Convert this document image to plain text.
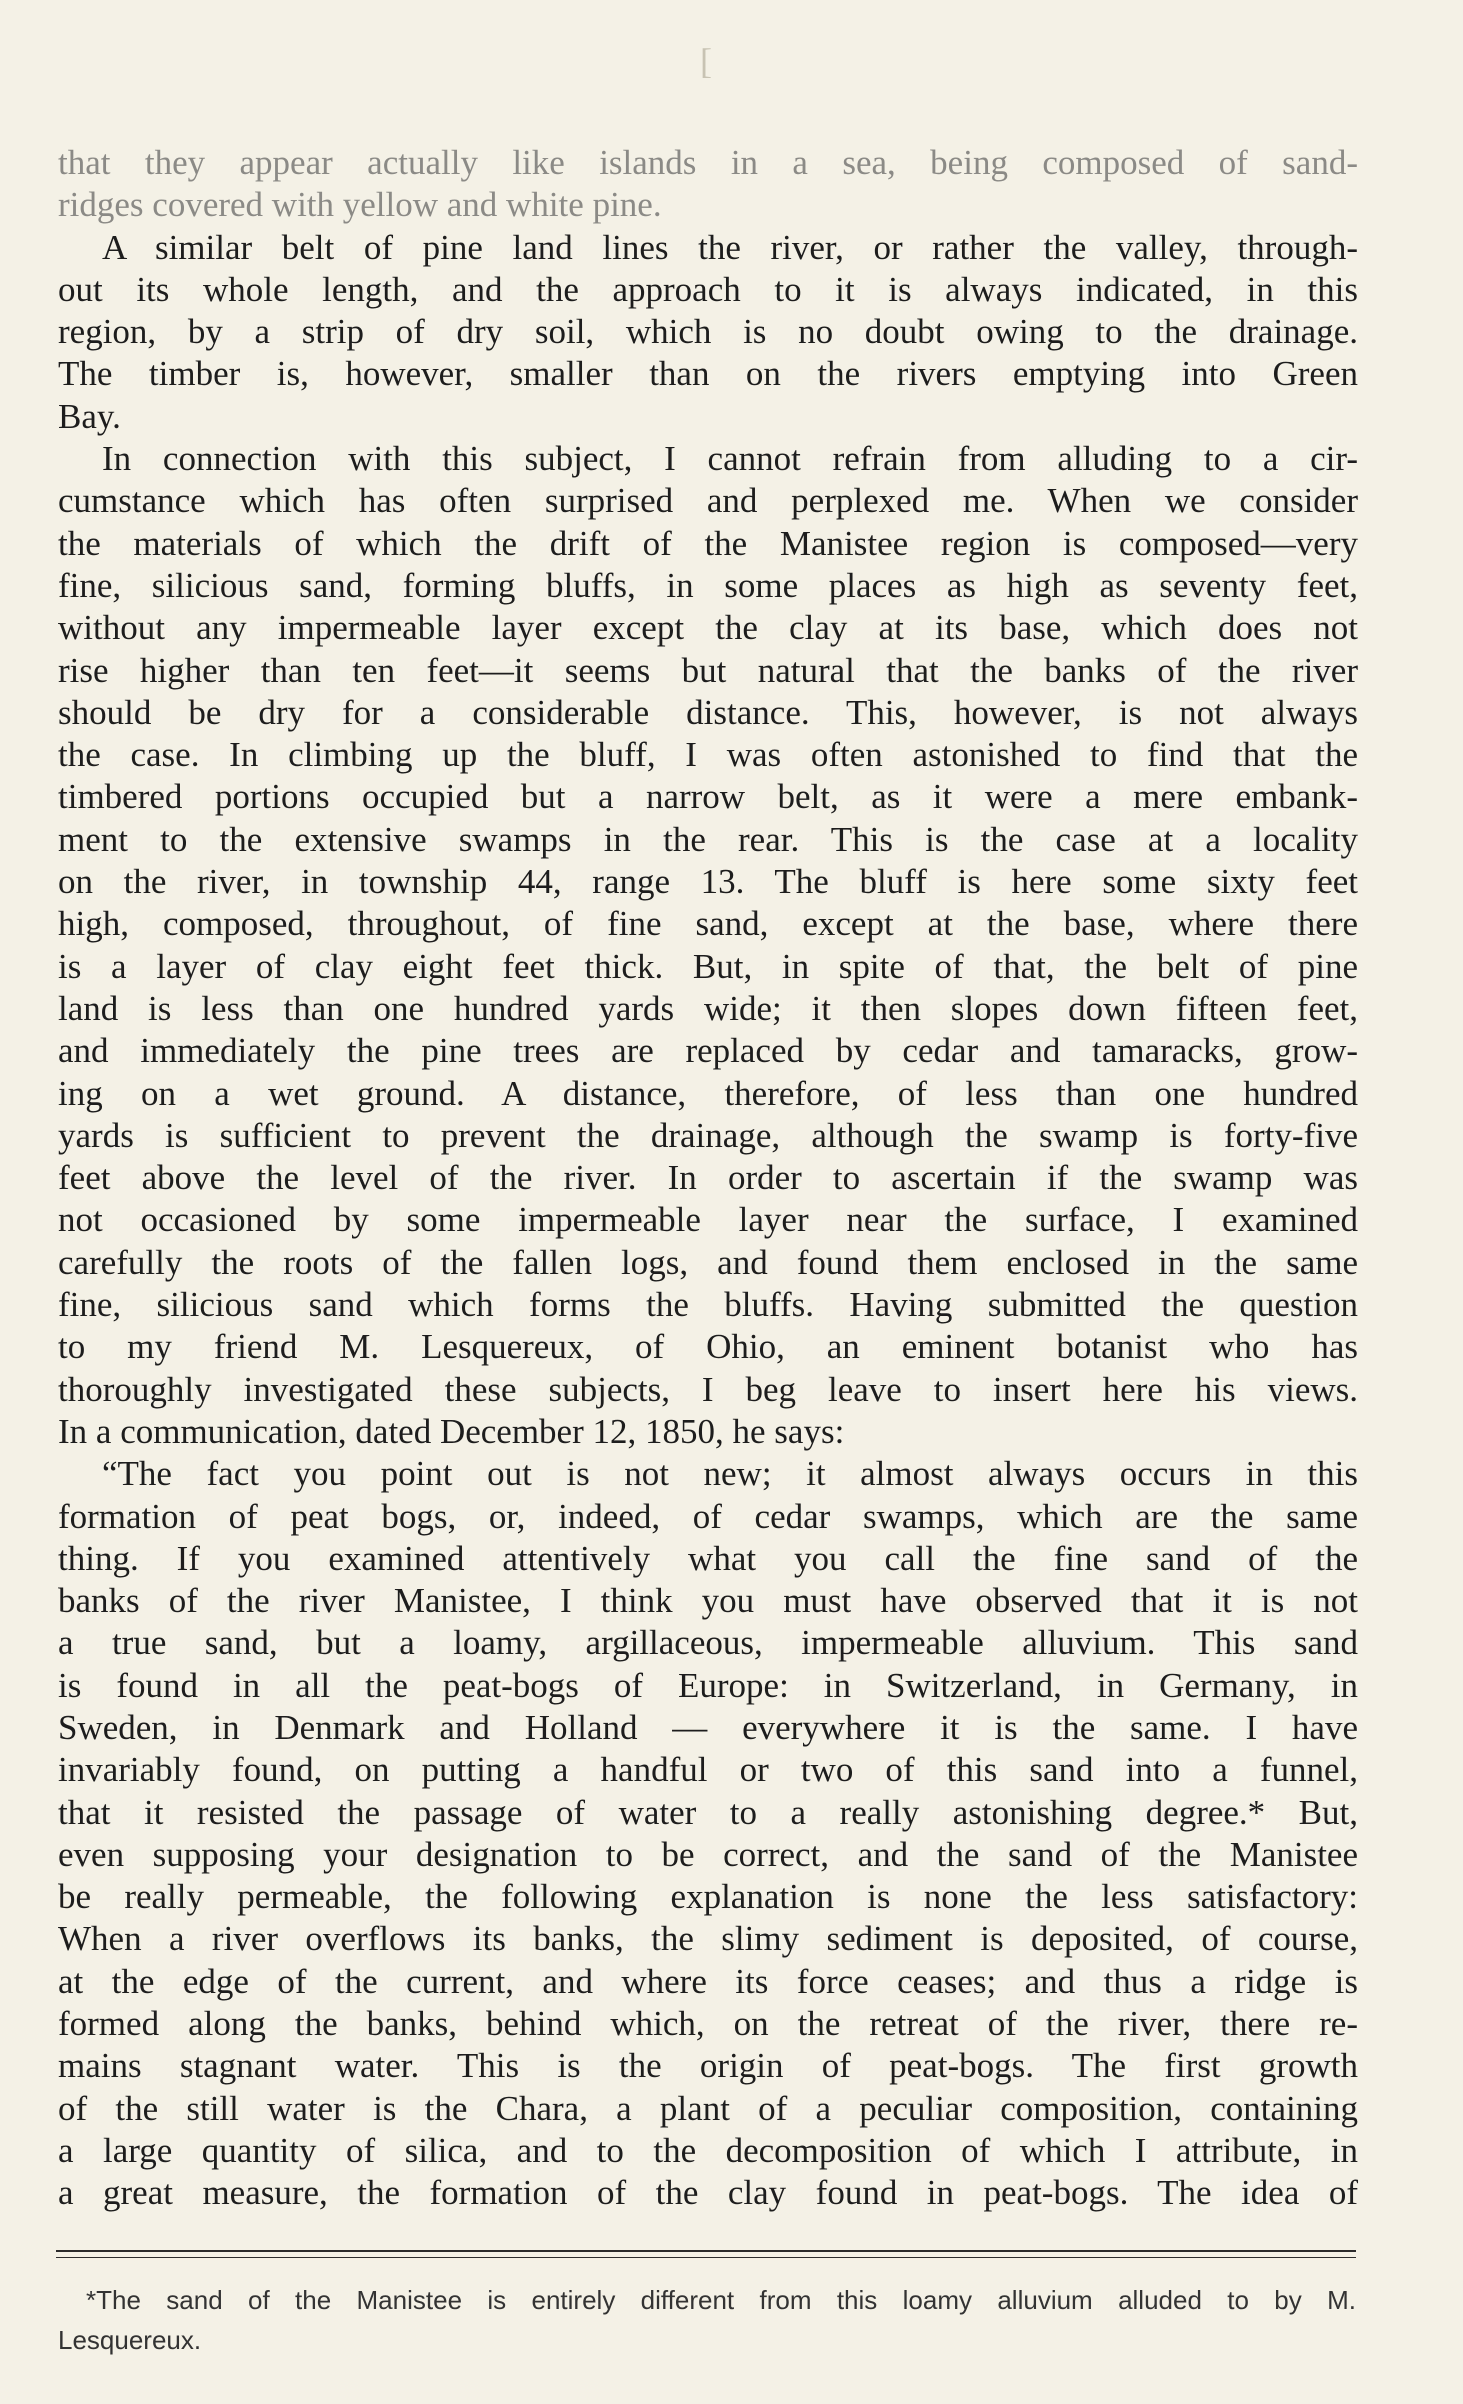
[
that they appear actually like islands in a sea, being composed of sand-
ridges covered with yellow and white pine.
A similar belt of pine land lines the river, or rather the valley, through-
out its whole length, and the approach to it is always indicated, in this
region, by a strip of dry soil, which is no doubt owing to the drainage.
The timber is, however, smaller than on the rivers emptying into Green
Bay.
In connection with this subject, I cannot refrain from alluding to a cir-
cumstance which has often surprised and perplexed me. When we consider
the materials of which the drift of the Manistee region is composed—very
fine, silicious sand, forming bluffs, in some places as high as seventy feet,
without any impermeable layer except the clay at its base, which does not
rise higher than ten feet—it seems but natural that the banks of the river
should be dry for a considerable distance. This, however, is not always
the case. In climbing up the bluff, I was often astonished to find that the
timbered portions occupied but a narrow belt, as it were a mere embank-
ment to the extensive swamps in the rear. This is the case at a locality
on the river, in township 44, range 13. The bluff is here some sixty feet
high, composed, throughout, of fine sand, except at the base, where there
is a layer of clay eight feet thick. But, in spite of that, the belt of pine
land is less than one hundred yards wide; it then slopes down fifteen feet,
and immediately the pine trees are replaced by cedar and tamaracks, grow-
ing on a wet ground. A distance, therefore, of less than one hundred
yards is sufficient to prevent the drainage, although the swamp is forty-five
feet above the level of the river. In order to ascertain if the swamp was
not occasioned by some impermeable layer near the surface, I examined
carefully the roots of the fallen logs, and found them enclosed in the same
fine, silicious sand which forms the bluffs. Having submitted the question
to my friend M. Lesquereux, of Ohio, an eminent botanist who has
thoroughly investigated these subjects, I beg leave to insert here his views.
In a communication, dated December 12, 1850, he says:
“The fact you point out is not new; it almost always occurs in this
formation of peat bogs, or, indeed, of cedar swamps, which are the same
thing. If you examined attentively what you call the fine sand of the
banks of the river Manistee, I think you must have observed that it is not
a true sand, but a loamy, argillaceous, impermeable alluvium. This sand
is found in all the peat-bogs of Europe: in Switzerland, in Germany, in
Sweden, in Denmark and Holland — everywhere it is the same. I have
invariably found, on putting a handful or two of this sand into a funnel,
that it resisted the passage of water to a really astonishing degree.* But,
even supposing your designation to be correct, and the sand of the Manistee
be really permeable, the following explanation is none the less satisfactory:
When a river overflows its banks, the slimy sediment is deposited, of course,
at the edge of the current, and where its force ceases; and thus a ridge is
formed along the banks, behind which, on the retreat of the river, there re-
mains stagnant water. This is the origin of peat-bogs. The first growth
of the still water is the Chara, a plant of a peculiar composition, containing
a large quantity of silica, and to the decomposition of which I attribute, in
a great measure, the formation of the clay found in peat-bogs. The idea of
*The sand of the Manistee is entirely different from this loamy alluvium alluded to by M.
Lesquereux.
